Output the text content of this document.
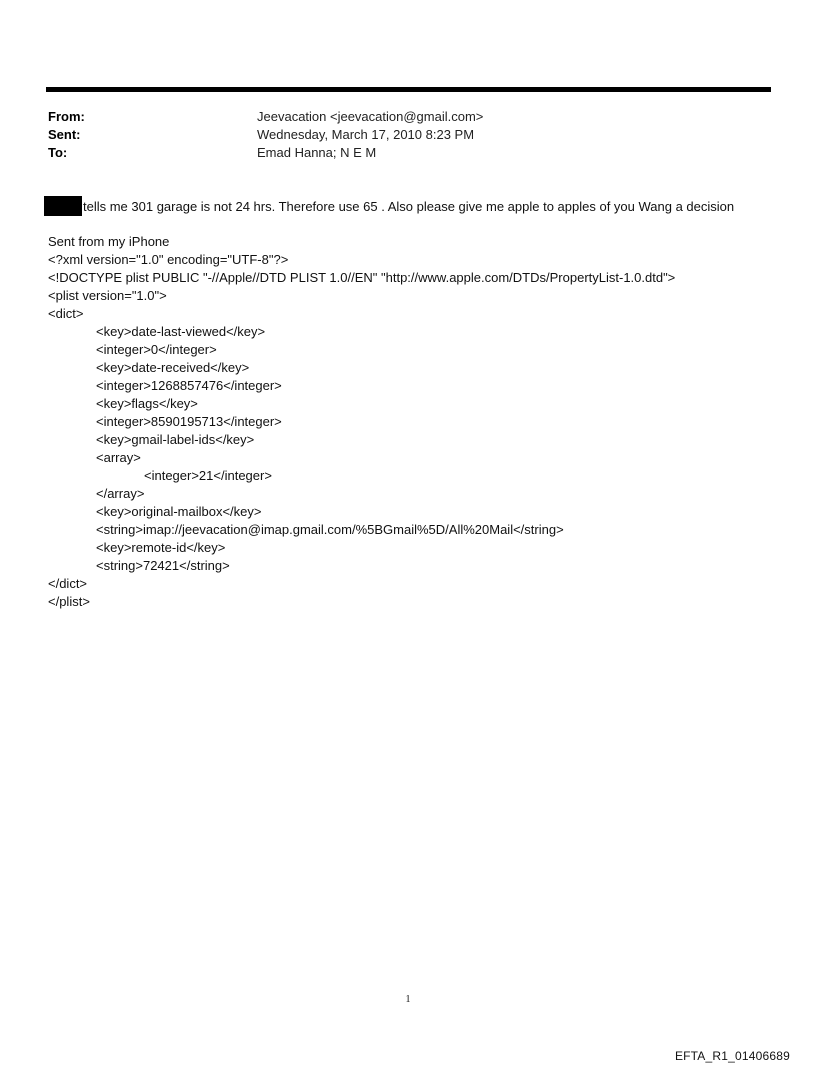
From:	Jeevacation <jeevacation@gmail.com>
Sent:	Wednesday, March 17, 2010 8:23 PM
To:	Emad Hanna; N E M
tells me 301 garage is not 24 hrs. Therefore use 65 . Also please give me apple to apples of you Wang a decision
Sent from my iPhone
<?xml version="1.0" encoding="UTF-8"?>
<!DOCTYPE plist PUBLIC "-//Apple//DTD PLIST 1.0//EN" "http://www.apple.com/DTDs/PropertyList-1.0.dtd">
<plist version="1.0">
<dict>
<key>date-last-viewed</key>
<integer>0</integer>
<key>date-received</key>
<integer>1268857476</integer>
<key>flags</key>
<integer>8590195713</integer>
<key>gmail-label-ids</key>
<array>
<integer>21</integer>
</array>
<key>original-mailbox</key>
<string>imap://jeevacation@imap.gmail.com/%5BGmail%5D/All%20Mail</string>
<key>remote-id</key>
<string>72421</string>
</dict>
</plist>
1
EFTA_R1_01406689
